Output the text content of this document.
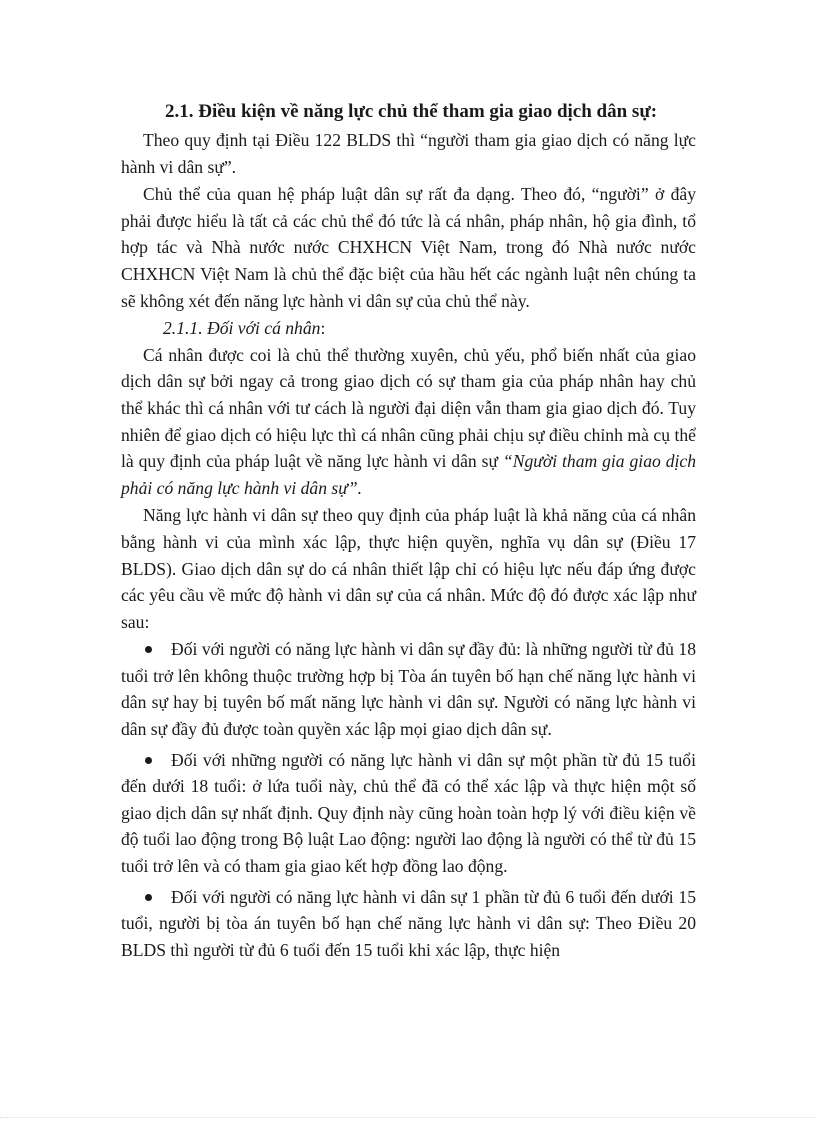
2.1. Điều kiện về năng lực chủ thể tham gia giao dịch dân sự:

Theo quy định tại Điều 122 BLDS thì “người tham gia giao dịch có năng lực hành vi dân sự”.

Chủ thể của quan hệ pháp luật dân sự rất đa dạng. Theo đó, “người” ở đây phải được hiểu là tất cả các chủ thể đó tức là cá nhân, pháp nhân, hộ gia đình, tổ hợp tác và Nhà nước nước CHXHCN Việt Nam, trong đó Nhà nước nước CHXHCN Việt Nam là chủ thể đặc biệt của hầu hết các ngành luật nên chúng ta sẽ không xét đến năng lực hành vi dân sự của chủ thể này.

2.1.1. Đối với cá nhân:

Cá nhân được coi là chủ thể thường xuyên, chủ yếu, phổ biến nhất của giao dịch dân sự bởi ngay cả trong giao dịch có sự tham gia của pháp nhân hay chủ thể khác thì cá nhân với tư cách là người đại diện vẫn tham gia giao dịch đó. Tuy nhiên để giao dịch có hiệu lực thì cá nhân cũng phải chịu sự điều chỉnh mà cụ thể là quy định của pháp luật về năng lực hành vi dân sự “Người tham gia giao dịch phải có năng lực hành vi dân sự”.

Năng lực hành vi dân sự theo quy định của pháp luật là khả năng của cá nhân bằng hành vi của mình xác lập, thực hiện quyền, nghĩa vụ dân sự (Điều 17 BLDS). Giao dịch dân sự do cá nhân thiết lập chỉ có hiệu lực nếu đáp ứng được các yêu cầu về mức độ hành vi dân sự của cá nhân. Mức độ đó được xác lập như sau:

Đối với người có năng lực hành vi dân sự đầy đủ: là những người từ đủ 18 tuổi trở lên không thuộc trường hợp bị Tòa án tuyên bố hạn chế năng lực hành vi dân sự hay bị tuyên bố mất năng lực hành vi dân sự. Người có năng lực hành vi dân sự đầy đủ được toàn quyền xác lập mọi giao dịch dân sự.
Đối với những người có năng lực hành vi dân sự một phần từ đủ 15 tuổi đến dưới 18 tuổi: ở lứa tuổi này, chủ thể đã có thể xác lập và thực hiện một số giao dịch dân sự nhất định. Quy định này cũng hoàn toàn hợp lý với điều kiện về độ tuổi lao động trong Bộ luật Lao động: người lao động là người có thể từ đủ 15 tuổi trở lên và có tham gia giao kết hợp đồng lao động.
Đối với người có năng lực hành vi dân sự 1 phần từ đủ 6 tuổi đến dưới 15 tuổi, người bị tòa án tuyên bố hạn chế năng lực hành vi dân sự: Theo Điều 20 BLDS thì người từ đủ 6 tuổi đến 15 tuổi khi xác lập, thực hiện
